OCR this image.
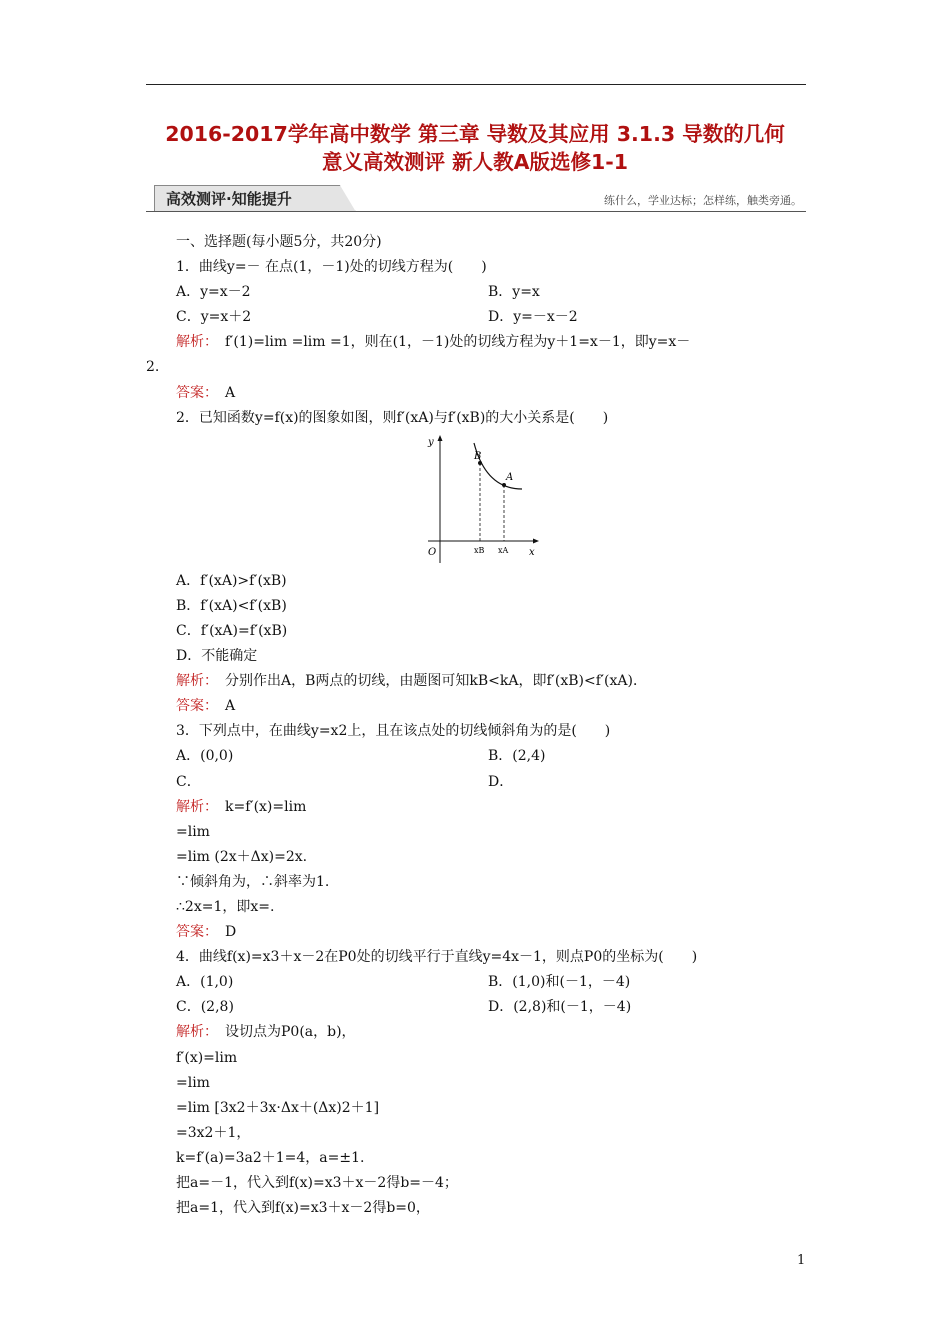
2016-2017学年高中数学 第三章 导数及其应用 3.1.3 导数的几何
意义高效测评 新人教A版选修1-1
高效测评·知能提升	练什么，学业达标；怎样练，触类旁通。
一、选择题(每小题5分，共20分)
1．曲线y=－ 在点(1，－1)处的切线方程为(　　)
A．y=x－2	B．y=x
C．y=x＋2	D．y=－x－2
解析：　f′(1)=lim =lim =1，则在(1，－1)处的切线方程为y＋1=x－1，即y=x－
2.
答案：　A
2．已知函数y=f(x)的图象如图，则f′(xA)与f′(xB)的大小关系是(　　)
y
x
O
B
A
xB xA
A．f′(xA)>f′(xB)
B．f′(xA)<f′(xB)
C．f′(xA)=f′(xB)
D．不能确定
解析：　分别作出A，B两点的切线，由题图可知kB<kA，即f′(xB)<f′(xA)．
答案：　A
3．下列点中，在曲线y=x2上，且在该点处的切线倾斜角为的是(　　)
A．(0,0)	B．(2,4)
C．	D．
解析：　k=f′(x)=lim
=lim
=lim (2x＋Δx)=2x.
∵倾斜角为，∴斜率为1.
∴2x=1，即x=.
答案：　D
4．曲线f(x)=x3＋x－2在P0处的切线平行于直线y=4x－1，则点P0的坐标为(　　)
A．(1,0)	B．(1,0)和(－1，－4)
C．(2,8)	D．(2,8)和(－1，－4)
解析：　设切点为P0(a，b)，
f′(x)=lim
=lim
=lim [3x2＋3x·Δx＋(Δx)2＋1]
=3x2＋1，
k=f′(a)=3a2＋1=4，a=±1.
把a=－1，代入到f(x)=x3＋x－2得b=－4；
把a=1，代入到f(x)=x3＋x－2得b=0，
1
